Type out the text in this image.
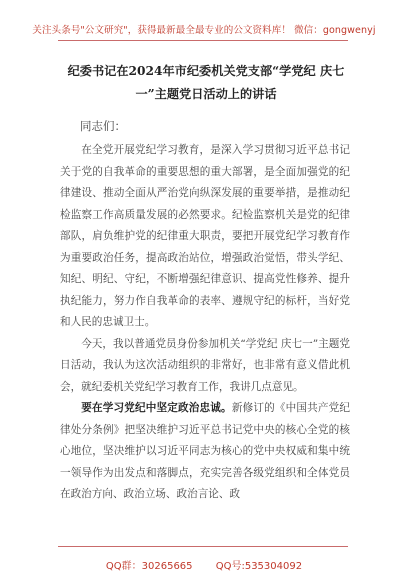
关注头条号"公文研究"，获得最新最全最专业的公文资料库！ 微信：gongwenyj
纪委书记在2024年市纪委机关党支部“学党纪 庆七一”主题党日活动上的讲话
同志们：

在全党开展党纪学习教育，是深入学习贯彻习近平总书记关于党的自我革命的重要思想的重大部署，是全面加强党的纪律建设、推动全面从严治党向纵深发展的重要举措，是推动纪检监察工作高质量发展的必然要求。纪检监察机关是党的纪律部队，肩负维护党的纪律重大职责，要把开展党纪学习教育作为重要政治任务，提高政治站位，增强政治觉悟，带头学纪、知纪、明纪、守纪，不断增强纪律意识、提高党性修养、提升执纪能力，努力作自我革命的表率、遵规守纪的标杆，当好党和人民的忠诚卫士。

今天，我以普通党员身份参加机关“学党纪 庆七一”主题党日活动，我认为这次活动组织的非常好，也非常有意义借此机会，就纪委机关党纪学习教育工作，我讲几点意见。

要在学习党纪中坚定政治忠诚。新修订的《中国共产党纪律处分条例》把坚决维护习近平总书记党中央的核心全党的核心地位，坚决维护以习近平同志为核心的党中央权威和集中统一领导作为出发点和落脚点，充实完善各级党组织和全体党员在政治方向、政治立场、政治言论、政

QQ群：30265665 QQ号:535304092
